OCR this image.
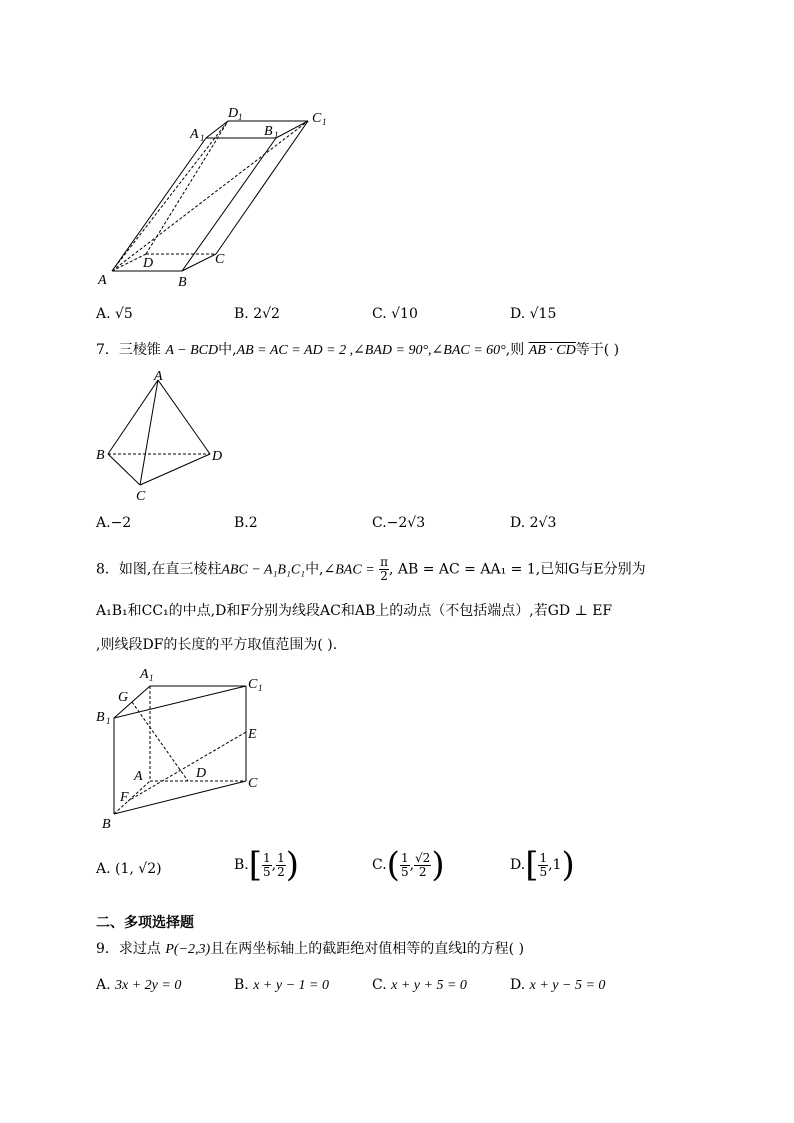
A	B
C
D
A 1	B 1
D 1	C 1
A. √5	B. 2√2	C. √10	D. √15
7．三棱锥 A − BCD中,AB = AC = AD = 2 ,∠BAD = 90°,∠BAC = 60°,则 AB · CD等于( )
A
B
C
D
A.−2	B.2	C.−2√3	D. 2√3
8．如图,在直三棱柱ABC − A₁B₁C₁中,∠BAC = $\frac{\pi}{2}$ , AB = AC = AA₁ = 1,已知G与E分别为
A₁B₁和CC₁的中点,D和F分别为线段AC和AB上的动点（不包括端点）,若GD ⊥ EF
,则线段DF的长度的平方取值范围为( ).
A 1	C 1
G
B 1
E
A	D
C
F
B
A. (1, √2)	$B.[ \frac{1}{5}$ , $\frac{1}{2}$ )	$C.( \frac{1}{5}$ , $\frac{√2}{2}$ )	$D.[ \frac{1}{5} ,1)$
二、多项选择题
9．求过点 P(−2,3)且在两坐标轴上的截距绝对值相等的直线l的方程( )
A. 3x + 2y = 0	B. x + y − 1 = 0	C. x + y + 5 = 0	D. x + y − 5 = 0
